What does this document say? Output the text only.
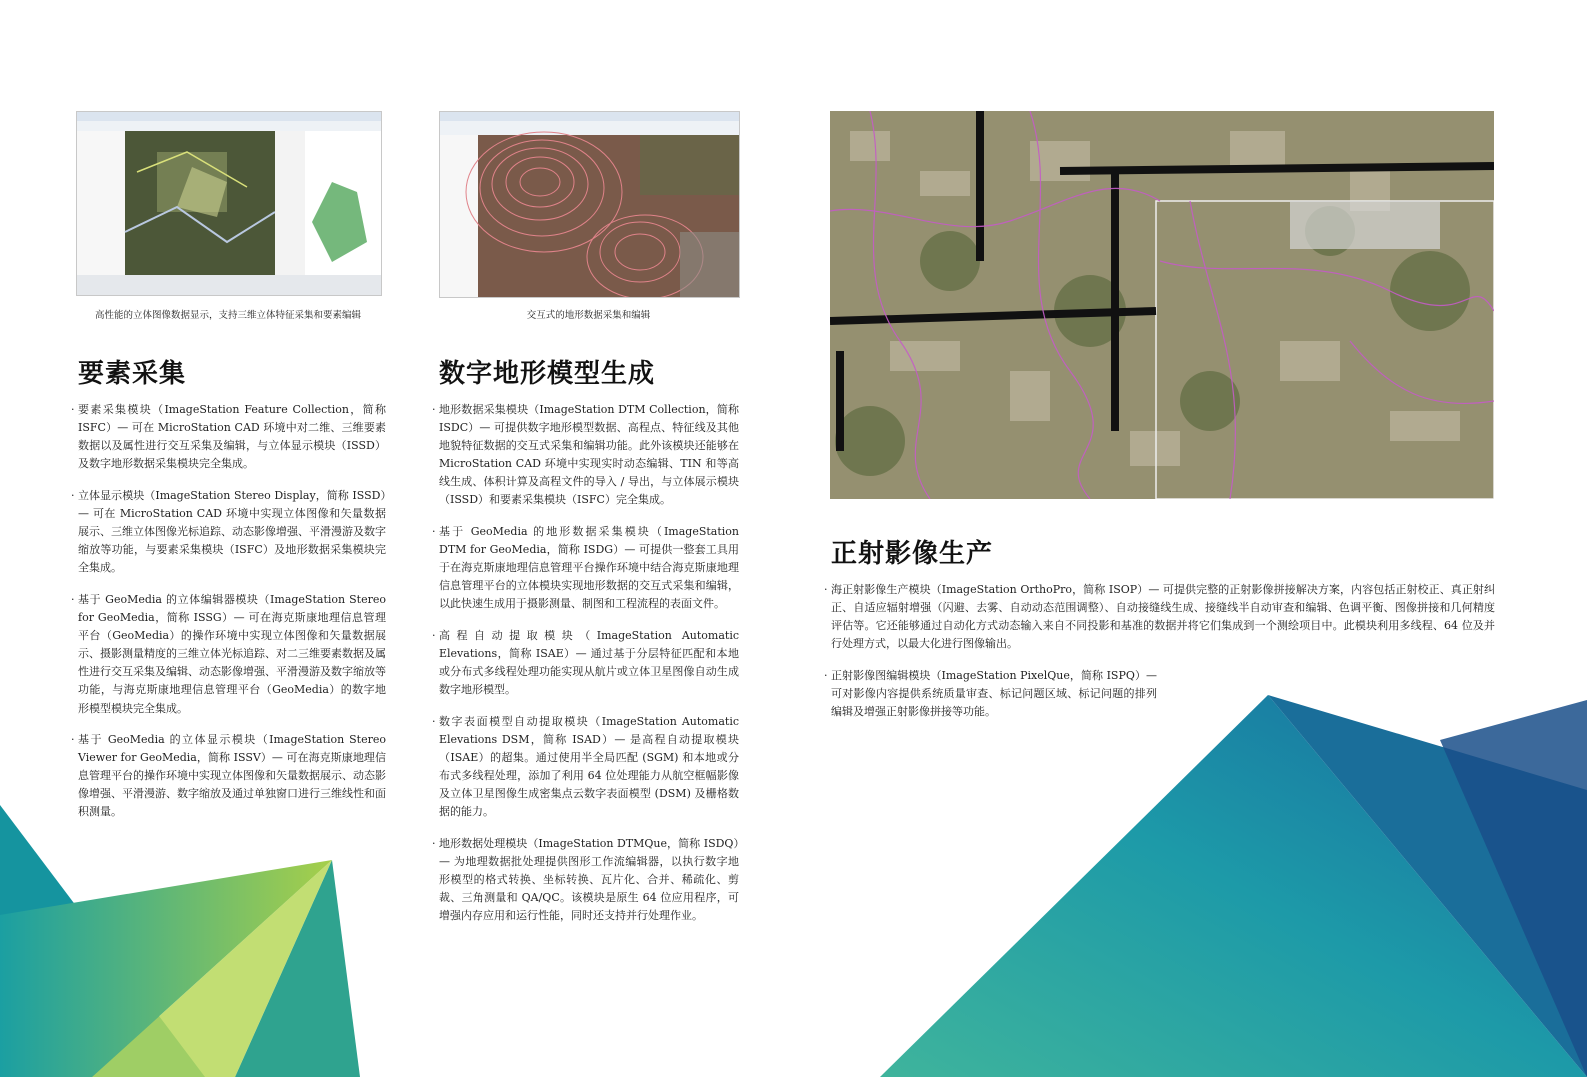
高性能的立体图像数据显示，支持三维立体特征采集和要素编辑
要素采集

· 要素采集模块（ImageStation Feature Collection，简称 ISFC）— 可在 MicroStation CAD 环境中对二维、三维要素数据以及属性进行交互采集及编辑，与立体显示模块（ISSD）及数字地形数据采集模块完全集成。

· 立体显示模块（ImageStation Stereo Display，简称 ISSD）— 可在 MicroStation CAD 环境中实现立体图像和矢量数据展示、三维立体图像光标追踪、动态影像增强、平滑漫游及数字缩放等功能，与要素采集模块（ISFC）及地形数据采集模块完全集成。

· 基于 GeoMedia 的立体编辑器模块（ImageStation Stereo for GeoMedia，简称 ISSG）— 可在海克斯康地理信息管理平台（GeoMedia）的操作环境中实现立体图像和矢量数据展示、摄影测量精度的三维立体光标追踪、对二三维要素数据及属性进行交互采集及编辑、动态影像增强、平滑漫游及数字缩放等功能，与海克斯康地理信息管理平台（GeoMedia）的数字地形模型模块完全集成。

· 基于 GeoMedia 的立体显示模块（ImageStation Stereo Viewer for GeoMedia，简称 ISSV）— 可在海克斯康地理信息管理平台的操作环境中实现立体图像和矢量数据展示、动态影像增强、平滑漫游、数字缩放及通过单独窗口进行三维线性和面积测量。

交互式的地形数据采集和编辑
数字地形模型生成

· 地形数据采集模块（ImageStation DTM Collection，简称 ISDC）— 可提供数字地形模型数据、高程点、特征线及其他地貌特征数据的交互式采集和编辑功能。此外该模块还能够在 MicroStation CAD 环境中实现实时动态编辑、TIN 和等高线生成、体积计算及高程文件的导入 / 导出，与立体展示模块（ISSD）和要素采集模块（ISFC）完全集成。

· 基于 GeoMedia 的地形数据采集模块（ImageStation DTM for GeoMedia，简称 ISDG）— 可提供一整套工具用于在海克斯康地理信息管理平台操作环境中结合海克斯康地理信息管理平台的立体模块实现地形数据的交互式采集和编辑，以此快速生成用于摄影测量、制图和工程流程的表面文件。

· 高程自动提取模块（ImageStation Automatic Elevations，简称 ISAE）— 通过基于分层特征匹配和本地或分布式多线程处理功能实现从航片或立体卫星图像自动生成数字地形模型。

· 数字表面模型自动提取模块（ImageStation Automatic Elevations DSM，简称 ISAD）— 是高程自动提取模块（ISAE）的超集。通过使用半全局匹配 (SGM) 和本地或分布式多线程处理，添加了利用 64 位处理能力从航空框幅影像及立体卫星图像生成密集点云数字表面模型 (DSM) 及栅格数据的能力。

· 地形数据处理模块（ImageStation DTMQue，简称 ISDQ）— 为地理数据批处理提供图形工作流编辑器，以执行数字地形模型的格式转换、坐标转换、瓦片化、合并、稀疏化、剪裁、三角测量和 QA/QC。该模块是原生 64 位应用程序，可增强内存应用和运行性能，同时还支持并行处理作业。

正射影像生产

· 海正射影像生产模块（ImageStation OrthoPro，简称 ISOP）— 可提供完整的正射影像拼接解决方案，内容包括正射校正、真正射纠正、自适应辐射增强（闪避、去雾、自动动态范围调整）、自动接缝线生成、接缝线半自动审查和编辑、色调平衡、图像拼接和几何精度评估等。它还能够通过自动化方式动态输入来自不同投影和基准的数据并将它们集成到一个测绘项目中。此模块利用多线程、64 位及并行处理方式，以最大化进行图像输出。

· 正射影像图编辑模块（ImageStation PixelQue，简称 ISPQ）— 可对影像内容提供系统质量审查、标记问题区域、标记问题的排列编辑及增强正射影像拼接等功能。
